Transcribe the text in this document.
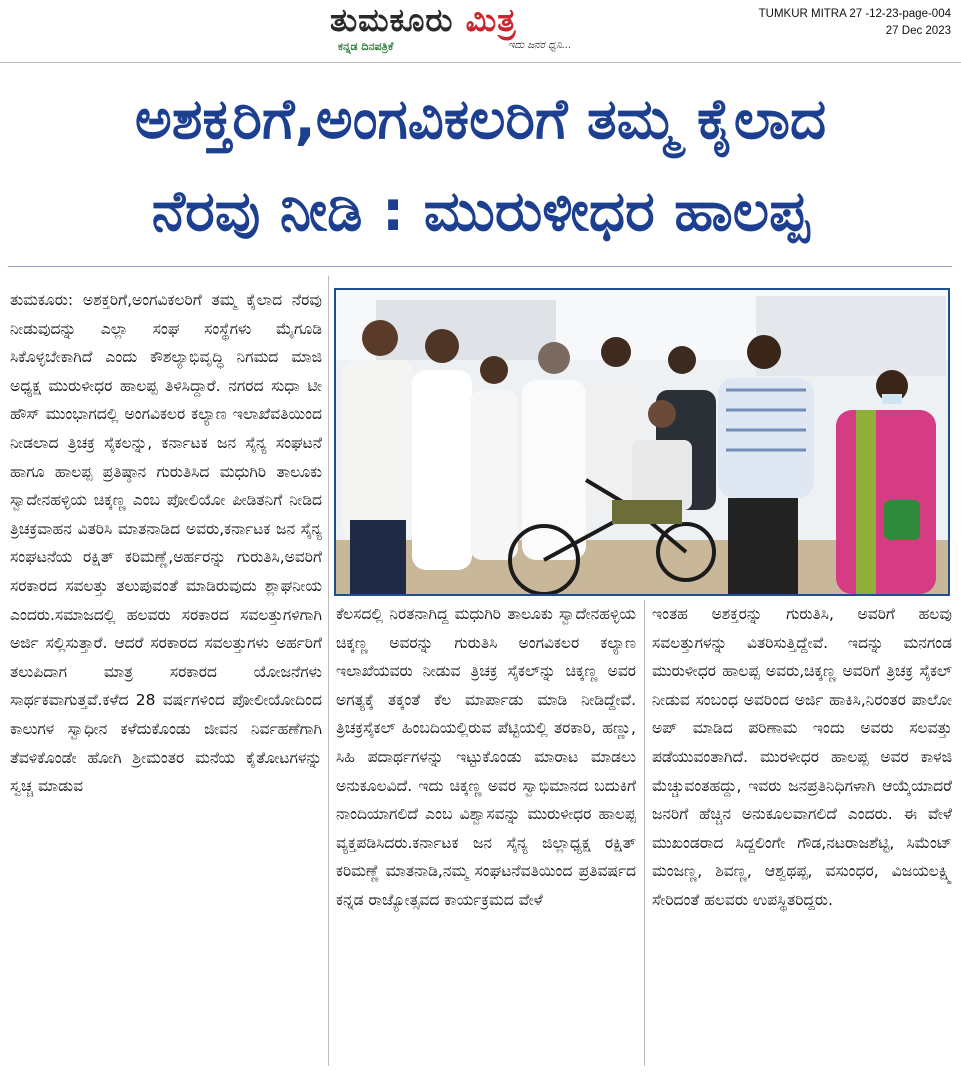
ತುಮಕೂರು ಮಿತ್ರ
ಕನ್ನಡ ದಿನಪತ್ರಿಕೆ	ಇದು ಜನರ ಧ್ವನಿ...
TUMKUR MITRA 27 -12-23-page-004
27 Dec 2023
ಅಶಕ್ತರಿಗೆ,ಅಂಗವಿಕಲರಿಗೆ ತಮ್ಮ ಕೈಲಾದ
ನೆರವು ನೀಡಿ : ಮುರುಳೀಧರ ಹಾಲಪ್ಪ

ತುಮಕೂರು: ಅಶಕ್ತರಿಗೆ,ಅಂಗವಿಕಲರಿಗೆ ತಮ್ಮ ಕೈಲಾದ ನೆರವು ನೀಡುವುದನ್ನು ಎಲ್ಲಾ ಸಂಘ ಸಂಸ್ಥೆಗಳು ಮೈಗೂಡಿ ಸಿಕೊಳ್ಳಬೇಕಾಗಿದೆ ಎಂದು ಕೌಶಲ್ಯಾಭಿವೃದ್ಧಿ ನಿಗಮದ ಮಾಜಿ ಅಧ್ಯಕ್ಷ ಮುರುಳೀಧರ ಹಾಲಪ್ಪ ತಿಳಿಸಿದ್ದಾರೆ. ನಗರದ ಸುಧಾ ಟೀ ಹೌಸ್ ಮುಂಭಾಗದಲ್ಲಿ ಅಂಗವಿಕಲರ ಕಲ್ಯಾಣ ಇಲಾಖೆವತಿಯಿಂದ ನೀಡಲಾದ ತ್ರಿಚಕ್ರ ಸೈಕಲನ್ನು, ಕರ್ನಾಟಕ ಜನ ಸೈನ್ಯ ಸಂಘಟನೆ ಹಾಗೂ ಹಾಲಪ್ಪ ಪ್ರತಿಷ್ಠಾನ ಗುರುತಿಸಿದ ಮಧುಗಿರಿ ತಾಲೂಕು ಸ್ವಾದೇನಹಳ್ಳಿಯ ಚಿಕ್ಕಣ್ಣ ಎಂಬ ಪೋಲಿಯೋ ಪೀಡಿತನಿಗೆ ನೀಡಿದ ತ್ರಿಚಕ್ರವಾಹನ ವಿತರಿಸಿ ಮಾತನಾಡಿದ ಅವರು,ಕರ್ನಾಟಕ ಜನ ಸೈನ್ಯ ಸಂಘಟನೆಯ ರಕ್ಷಿತ್ ಕರಿಮಣ್ಣೆ,ಅರ್ಹರನ್ನು ಗುರುತಿಸಿ,ಅವರಿಗೆ ಸರಕಾರದ ಸವಲತ್ತು ತಲುಪುವಂತೆ ಮಾಡಿರುವುದು ಶ್ಲಾಘನೀಯ ಎಂದರು.ಸಮಾಜದಲ್ಲಿ ಹಲವರು ಸರಕಾರದ ಸವಲತ್ತುಗಳಿಗಾಗಿ ಅರ್ಜಿ ಸಲ್ಲಿಸುತ್ತಾರೆ. ಆದರೆ ಸರಕಾರದ ಸವಲತ್ತುಗಳು ಅರ್ಹರಿಗೆ ತಲುಪಿದಾಗ ಮಾತ್ರ ಸರಕಾರದ ಯೋಜನೆಗಳು ಸಾರ್ಥಕವಾಗುತ್ತವೆ.ಕಳೆದ 28 ವರ್ಷಗಳಿಂದ ಪೋಲೀಯೋದಿಂದ ಕಾಲುಗಳ ಸ್ವಾಧೀನ ಕಳೆದುಕೊಂಡು ಜೀವನ ನಿರ್ವಹಣೆಗಾಗಿ ತೆವಳಿಕೊಂಡೇ ಹೋಗಿ ಶ್ರೀಮಂತರ ಮನೆಯ ಕೈತೋಟಗಳನ್ನು ಸ್ವಚ್ಚ ಮಾಡುವ

ಕೆಲಸದಲ್ಲಿ ನಿರತನಾಗಿದ್ದ ಮಧುಗಿರಿ ತಾಲೂಕು ಸ್ವಾದೇನಹಳ್ಳಿಯ ಚಿಕ್ಕಣ್ಣ ಅವರನ್ನು ಗುರುತಿಸಿ ಅಂಗವಿಕಲರ ಕಲ್ಯಾಣ ಇಲಾಖೆಯವರು ನೀಡುವ ತ್ರಿಚಕ್ರ ಸೈಕಲ್‌ನ್ನು ಚಿಕ್ಕಣ್ಣ ಅವರ ಅಗತ್ಯಕ್ಕೆ ತಕ್ಕಂತೆ ಕೆಲ ಮಾರ್ಪಾಡು ಮಾಡಿ ನೀಡಿದ್ದೇವೆ. ತ್ರಿಚಕ್ರಸೈಕಲ್ ಹಿಂಬದಿಯಲ್ಲಿರುವ ಪೆಟ್ಟಿಯಲ್ಲಿ ತರಕಾರಿ, ಹಣ್ಣು, ಸಿಹಿ ಪದಾರ್ಥಗಳನ್ನು ಇಟ್ಟುಕೊಂಡು ಮಾರಾಟ ಮಾಡಲು ಅನುಕೂಲವಿದೆ. ಇದು ಚಿಕ್ಕಣ್ಣ ಅವರ ಸ್ವಾಭಿಮಾನದ ಬದುಕಿಗೆ ನಾಂದಿಯಾಗಲಿದೆ ಎಂಬ ವಿಶ್ವಾಸವನ್ನು ಮುರುಳೀಧರ ಹಾಲಪ್ಪ ವ್ಯಕ್ತಪಡಿಸಿದರು.ಕರ್ನಾಟಕ ಜನ ಸೈನ್ಯ ಜಿಲ್ಲಾಧ್ಯಕ್ಷ ರಕ್ಷಿತ್ ಕರಿಮಣ್ಣೆ ಮಾತನಾಡಿ,ನಮ್ಮ ಸಂಘಟನೆವತಿಯಿಂದ ಪ್ರತಿವರ್ಷದ ಕನ್ನಡ ರಾಜ್ಯೋತ್ಸವದ ಕಾರ್ಯಕ್ರಮದ ವೇಳೆ

ಇಂತಹ ಅಶಕ್ತರನ್ನು ಗುರುತಿಸಿ, ಅವರಿಗೆ ಹಲವು ಸವಲತ್ತುಗಳನ್ನು ವಿತರಿಸುತ್ತಿದ್ದೇವೆ. ಇದನ್ನು ಮನಗಂಡ ಮುರುಳೀಧರ ಹಾಲಪ್ಪ ಅವರು,ಚಿಕ್ಕಣ್ಣ ಅವರಿಗೆ ತ್ರಿಚಕ್ರ ಸೈಕಲ್ ನೀಡುವ ಸಂಬಂಧ ಅವರಿಂದ ಅರ್ಜಿ ಹಾಕಿಸಿ,ನಿರಂತರ ಪಾಲೋ ಅಪ್ ಮಾಡಿದ ಪರಿಣಾಮ ಇಂದು ಅವರು ಸಲವತ್ತು ಪಡೆಯುವಂತಾಗಿದೆ. ಮುರಳೀಧರ ಹಾಲಪ್ಪ ಅವರ ಕಾಳಜಿ ಮೆಚ್ಚುವಂತಹದ್ದು, ಇವರು ಜನಪ್ರತಿನಿಧಿಗಳಾಗಿ ಆಯ್ಕೆಯಾದರೆ ಜನರಿಗೆ ಹೆಚ್ಚಿನ ಅನುಕೂಲವಾಗಲಿದೆ ಎಂದರು. ಈ ವೇಳೆ ಮುಖಂಡರಾದ ಸಿದ್ದಲಿಂಗೇ ಗೌಡ,ನಟರಾಜಶೆಟ್ಟಿ, ಸಿಮೆಂಟ್ ಮಂಜಣ್ಣ, ಶಿವಣ್ಣ, ಆಶ್ವಥಪ್ಪ, ವಸುಂಧರ, ವಿಜಯಲಕ್ಷ್ಮಿ ಸೇರಿದಂತೆ ಹಲವರು ಉಪಸ್ಥಿತರಿದ್ದರು.
